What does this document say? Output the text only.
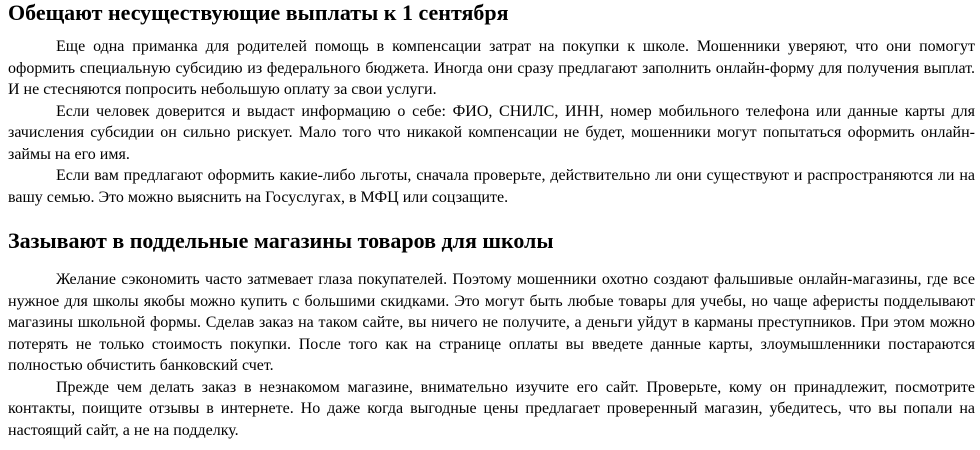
Обещают несуществующие выплаты к 1 сентября

Еще одна приманка для родителей помощь в компенсации затрат на покупки к школе. Мошенники уверяют, что они помогут оформить специальную субсидию из федерального бюджета. Иногда они сразу предлагают заполнить онлайн-форму для получения выплат. И не стесняются попросить небольшую оплату за свои услуги.

Если человек доверится и выдаст информацию о себе: ФИО, СНИЛС, ИНН, номер мобильного телефона или данные карты для зачисления субсидии он сильно рискует. Мало того что никакой компенсации не будет, мошенники могут попытаться оформить онлайн-займы на его имя.

Если вам предлагают оформить какие-либо льготы, сначала проверьте, действительно ли они существуют и распространяются ли на вашу семью. Это можно выяснить на Госуслугах, в МФЦ или соцзащите.

Зазывают в поддельные магазины товаров для школы

Желание сэкономить часто затмевает глаза покупателей. Поэтому мошенники охотно создают фальшивые онлайн-магазины, где все нужное для школы якобы можно купить с большими скидками. Это могут быть любые товары для учебы, но чаще аферисты подделывают магазины школьной формы. Сделав заказ на таком сайте, вы ничего не получите, а деньги уйдут в карманы преступников. При этом можно потерять не только стоимость покупки. После того как на странице оплаты вы введете данные карты, злоумышленники постараются полностью обчистить банковский счет.

Прежде чем делать заказ в незнакомом магазине, внимательно изучите его сайт. Проверьте, кому он принадлежит, посмотрите контакты, поищите отзывы в интернете. Но даже когда выгодные цены предлагает проверенный магазин, убедитесь, что вы попали на настоящий сайт, а не на подделку.
